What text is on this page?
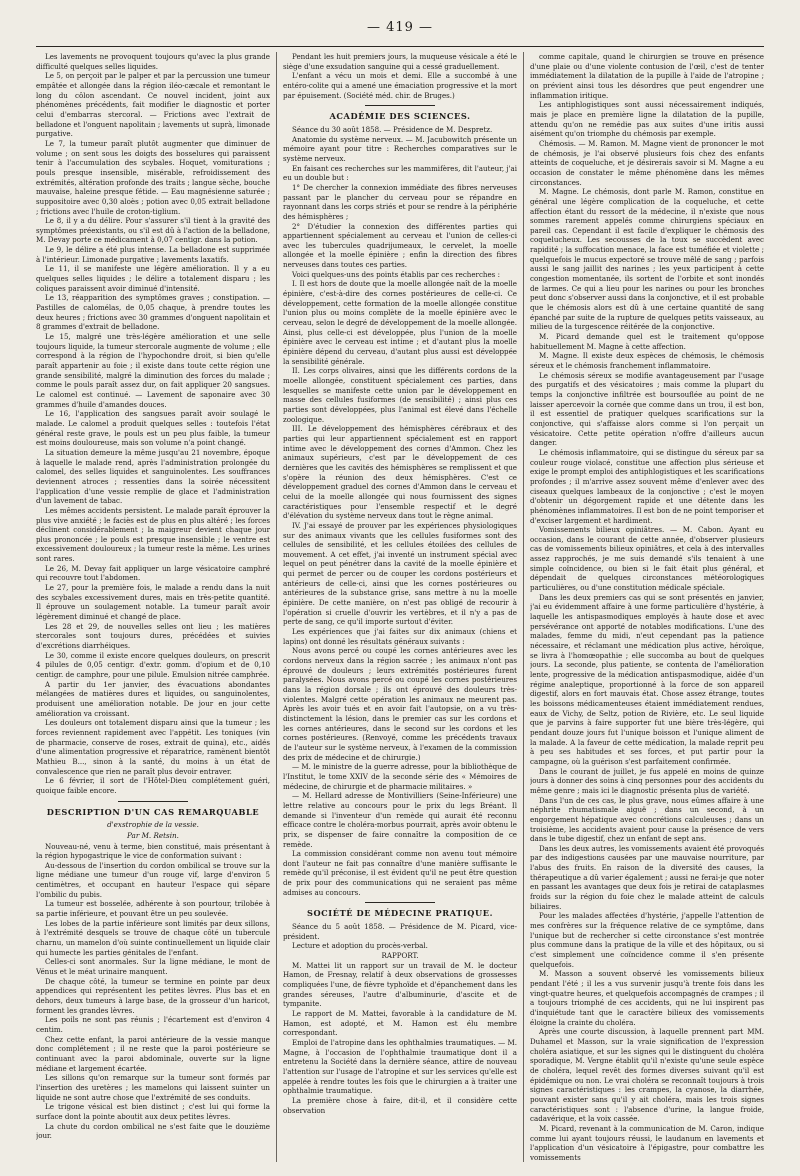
— 419 —

Les lavements ne provoquent toujours qu'avec la plus grande difficulté quelques selles liquides.

Le 5, on perçoit par le palper et par la percussion une tumeur empâtée et allongée dans la région iléo-cæcale et remontant le long du côlon ascendant. Ce nouvel incident, joint aux phénomènes précédents, fait modifier le diagnostic et porter celui d'embarras stercoral. — Frictions avec l'extrait de belladone et l'onguent napolitain ; lavements ut suprà, limonade purgative.

Le 7, la tumeur paraît plutôt augmenter que diminuer de volume ; on sent sous les doigts des bosselures qui paraissent tenir à l'accumulation des scybales. Hoquet, vomiturations ; pouls presque insensible, misérable, refroidissement des extrémités, altération profonde des traits ; langue sèche, bouche mauvaise, haleine presque fétide. — Eau magnésienne saturée ; suppositoire avec 0,30 aloès ; potion avec 0,05 extrait belladone ; frictions avec l'huile de croton-tiglium.

Le 8, il y a du délire. Pour s'assurer s'il tient à la gravité des symptômes préexistants, ou s'il est dû à l'action de la belladone, M. Devay porte ce médicament à 0,07 centigr. dans la potion.

Le 9, le délire a été plus intense. La belladone est supprimée à l'intérieur. Limonade purgative ; lavements laxatifs.

Le 11, il se manifeste une légère amélioration. Il y a eu quelques selles liquides ; le délire a totalement disparu ; les coliques paraissent avoir diminué d'intensité.

Le 13, réapparition des symptômes graves ; constipation. — Pastilles de calomélas, de 0,05 chaque, à prendre toutes les deux heures ; frictions avec 30 grammes d'onguent napolitain et 8 grammes d'extrait de belladone.

Le 15, malgré une très-légère amélioration et une selle toujours liquide, la tumeur stercorale augmente de volume ; elle correspond à la région de l'hypochondre droit, si bien qu'elle paraît appartenir au foie ; il existe dans toute cette région une grande sensibilité, malgré la diminution des forces du malade ; comme le pouls paraît assez dur, on fait appliquer 20 sangsues. Le calomel est continué. — Lavement de saponaire avec 30 grammes d'huile d'amandes douces.

Le 16, l'application des sangsues paraît avoir soulagé le malade. Le calomel a produit quelques selles : toutefois l'état général reste grave, le pouls est un peu plus faible, la tumeur est moins douloureuse, mais son volume n'a point changé.

La situation demeure la même jusqu'au 21 novembre, époque à laquelle le malade rend, après l'administration prolongée du calomel, des selles liquides et sanguinolentes. Les souffrances deviennent atroces ; ressenties dans la soirée nécessitent l'application d'une vessie remplie de glace et l'administration d'un lavement de tabac.

Les mêmes accidents persistent. Le malade paraît éprouver la plus vive anxiété ; le faciès est de plus en plus altéré ; les forces déclinent considérablement ; la maigreur devient chaque jour plus prononcée ; le pouls est presque insensible ; le ventre est excessivement douloureux ; la tumeur reste la même. Les urines sont rares.

Le 26, M. Devay fait appliquer un large vésicatoire camphré qui recouvre tout l'abdomen.

Le 27, pour la première fois, le malade a rendu dans la nuit des scybales excessivement dures, mais en très-petite quantité. Il éprouve un soulagement notable. La tumeur paraît avoir légèrement diminué et changé de place.

Les 28 et 29, de nouvelles selles ont lieu ; les matières stercorales sont toujours dures, précédées et suivies d'excrétions diarrhéiques.

Le 30, comme il existe encore quelques douleurs, on prescrit 4 pilules de 0,05 centigr. d'extr. gomm. d'opium et de 0,10 centigr. de camphre, pour une pilule. Emulsion nitrée camphrée.

A partir du 1er janvier, des évacuations abondantes mélangées de matières dures et liquides, ou sanguinolentes, produisent une amélioration notable. De jour en jour cette amélioration va croissant.

Les douleurs ont totalement disparu ainsi que la tumeur ; les forces reviennent rapidement avec l'appétit. Les toniques (vin de pharmacie, conserve de roses, extrait de quina), etc., aidés d'une alimentation progressive et réparatrice, ramènent bientôt Mathieu B..., sinon à la santé, du moins à un état de convalescence que rien ne paraît plus devoir entraver.

Le 6 février, il sort de l'Hôtel-Dieu complétement guéri, quoique faible encore.

DESCRIPTION D'UN CAS REMARQUABLE
d'exstrophie de la vessie.
Par M. Retsin.

Nouveau-né, venu à terme, bien constitué, mais présentant à la région hypogastrique le vice de conformation suivant :

Au-dessous de l'insertion du cordon ombilical se trouve sur la ligne médiane une tumeur d'un rouge vif, large d'environ 5 centimètres, et occupant en hauteur l'espace qui sépare l'ombilic du pubis.

La tumeur est bosselée, adhérente à son pourtour, trilobée à sa partie inférieure, et pouvant être un peu soulevée.

Les lobes de la partie inférieure sont limités par deux sillons, à l'extrémité desquels se trouve de chaque côté un tubercule charnu, un mamelon d'où suinte continuellement un liquide clair qui humecte les parties génitales de l'enfant.

Celles-ci sont anormales. Sur la ligne médiane, le mont de Vénus et le méat urinaire manquent.

De chaque côté, la tumeur se termine en pointe par deux appendices qui représentent les petites lèvres. Plus bas et en dehors, deux tumeurs à large base, de la grosseur d'un haricot, forment les grandes lèvres.

Les poils ne sont pas réunis ; l'écartement est d'environ 4 centim.

Chez cette enfant, la paroi antérieure de la vessie manque donc complétement ; il ne reste que la paroi postérieure se continuant avec la paroi abdominale, ouverte sur la ligne médiane et largement écartée.

Les sillons qu'on remarque sur la tumeur sont formés par l'insertion des uretères ; les mamelons qui laissent suinter un liquide ne sont autre chose que l'extrémité de ses conduits.

Le trigone vésical est bien distinct ; c'est lui qui forme la surface dont la pointe aboutit aux deux petites lèvres.

La chute du cordon ombilical ne s'est faite que le douzième jour.

Pendant les huit premiers jours, la muqueuse vésicale a été le siège d'une exsudation sanguine qui a cessé graduellement.

L'enfant a vécu un mois et demi. Elle a succombé à une entéro-colite qui a amené une émaciation progressive et la mort par épuisement. (Société méd. chir. de Bruges.)

ACADÉMIE DES SCIENCES.

Séance du 30 août 1858. — Présidence de M. Despretz.

Anatomie du système nerveux. — M. Jacubowitch présente un mémoire ayant pour titre : Recherches comparatives sur le système nerveux.

En faisant ces recherches sur les mammifères, dit l'auteur, j'ai eu un double but :

1° De chercher la connexion immédiate des fibres nerveuses passant par le plancher du cerveau pour se répandre en rayonnant dans les corps striés et pour se rendre à la périphérie des hémisphères ;

2° D'étudier la connexion des différentes parties qui appartiennent spécialement au cerveau et l'union de celles-ci avec les tubercules quadrijumeaux, le cervelet, la moelle allongée et la moelle épinière ; enfin la direction des fibres nerveuses dans toutes ces parties.

Voici quelques-uns des points établis par ces recherches :

I. Il est hors de doute que la moelle allongée naît de la moelle épinière, c'est-à-dire des cornes postérieures de celle-ci. Ce développement, cette formation de la moelle allongée constitue l'union plus ou moins complète de la moelle épinière avec le cerveau, selon le degré de développement de la moelle allongée. Ainsi, plus celle-ci est développée, plus l'union de la moelle épinière avec le cerveau est intime ; et d'autant plus la moelle épinière dépend du cerveau, d'autant plus aussi est développée la sensibilité générale.

II. Les corps olivaires, ainsi que les différents cordons de la moelle allongée, constituent spécialement ces parties, dans lesquelles se manifeste cette union par le développement en masse des cellules fusiformes (de sensibilité) ; ainsi plus ces parties sont développées, plus l'animal est élevé dans l'échelle zoologique.

III. Le développement des hémisphères cérébraux et des parties qui leur appartiennent spécialement est en rapport intime avec le développement des cornes d'Ammon. Chez les animaux supérieurs, c'est par le développement de ces dernières que les cavités des hémisphères se remplissent et que s'opère la réunion des deux hémisphères. C'est ce développement graduel des cornes d'Ammon dans le cerveau et celui de la moelle allongée qui nous fournissent des signes caractéristiques pour l'ensemble respectif et le degré d'élévation du système nerveux dans tout le règne animal.

IV. J'ai essayé de prouver par les expériences physiologiques sur des animaux vivants que les cellules fusiformes sont des cellules de sensibilité, et les cellules étoilées des cellules de mouvement. A cet effet, j'ai inventé un instrument spécial avec lequel on peut pénétrer dans la cavité de la moelle épinière et qui permet de percer ou de couper les cordons postérieurs et antérieurs de celle-ci, ainsi que les cornes postérieures ou antérieures de la substance grise, sans mettre à nu la moelle épinière. De cette manière, on n'est pas obligé de recourir à l'opération si cruelle d'ouvrir les vertèbres, et il n'y a pas de perte de sang, ce qu'il importe surtout d'éviter.

Les expériences que j'ai faites sur dix animaux (chiens et lapins) ont donné les résultats généraux suivants :

Nous avons percé ou coupé les cornes antérieures avec les cordons nerveux dans la région sacrée ; les animaux n'ont pas éprouvé de douleurs ; leurs extrémités postérieures furent paralysées. Nous avons percé ou coupé les cornes postérieures dans la région dorsale ; ils ont éprouvé des douleurs très-violentes. Malgré cette opération les animaux ne meurent pas. Après les avoir tués et en avoir fait l'autopsie, on a vu très-distinctement la lésion, dans le premier cas sur les cordons et les cornes antérieures, dans le second sur les cordons et les cornes postérieures. (Renvoyé, comme les précédents travaux de l'auteur sur le système nerveux, à l'examen de la commission des prix de médecine et de chirurgie.)

— M. le ministre de la guerre adresse, pour la bibliothèque de l'Institut, le tome XXIV de la seconde série des « Mémoires de médecine, de chirurgie et de pharmacie militaires. »

— M. Hellard adresse de Montivilliers (Seine-Inférieure) une lettre relative au concours pour le prix du legs Bréant. Il demande si l'inventeur d'un remède qui aurait été reconnu efficace contre le choléra-morbus pourrait, après avoir obtenu le prix, se dispenser de faire connaître la composition de ce remède.

La commission considérant comme non avenu tout mémoire dont l'auteur ne fait pas connaître d'une manière suffisante le remède qu'il préconise, il est évident qu'il ne peut être question de prix pour des communications qui ne seraient pas même admises au concours.

SOCIÉTÉ DE MÉDECINE PRATIQUE.

Séance du 5 août 1858. — Présidence de M. Picard, vice-président.

Lecture et adoption du procès-verbal.

RAPPORT.

M. Mattei lit un rapport sur un travail de M. le docteur Hamon, de Fresnay, relatif à deux observations de grossesses compliquées l'une, de fièvre typhoïde et d'épanchement dans les grandes séreuses, l'autre d'albuminurie, d'ascite et de tympanite.

Le rapport de M. Mattei, favorable à la candidature de M. Hamon, est adopté, et M. Hamon est élu membre correspondant.

Emploi de l'atropine dans les ophthalmies traumatiques. — M. Magne, à l'occasion de l'ophthalmie traumatique dont il a entretenu la Société dans la dernière séance, attire de nouveau l'attention sur l'usage de l'atropine et sur les services qu'elle est appelée à rendre toutes les fois que le chirurgien a à traiter une ophthalmie traumatique.

La première chose à faire, dit-il, et il considère cette observation

comme capitale, quand le chirurgien se trouve en présence d'une plaie ou d'une violente contusion de l'œil, c'est de tenter immédiatement la dilatation de la pupille à l'aide de l'atropine ; on prévient ainsi tous les désordres que peut engendrer une inflammation iritique.

Les antiphlogistiques sont aussi nécessairement indiqués, mais je place en première ligne la dilatation de la pupille, attendu qu'on ne remédie pas aux suites d'une iritis aussi aisément qu'on triomphe du chémosis par exemple.

Chémosis. — M. Ramon. M. Magne vient de prononcer le mot de chémosis, je l'ai observé plusieurs fois chez des enfants atteints de coqueluche, et je désirerais savoir si M. Magne a eu occasion de constater le même phénomène dans les mêmes circonstances.

M. Magne. Le chémosis, dont parle M. Ramon, constitue en général une légère complication de la coqueluche, et cette affection étant du ressort de la médecine, il n'existe que nous sommes rarement appelés comme chirurgiens spéciaux en pareil cas. Cependant il est facile d'expliquer le chémosis des coquelucheux. Les secousses de la toux se succèdent avec rapidité ; la suffocation menace, la face est tuméfiée et violette ; quelquefois le mucus expectoré se trouve mêlé de sang ; parfois aussi le sang jaillit des narines ; les yeux participent à cette congestion momentanée, ils sortent de l'orbite et sont inondés de larmes. Ce qui a lieu pour les narines ou pour les bronches peut donc s'observer aussi dans la conjonctive, et il est probable que le chémosis alors est dû à une certaine quantité de sang épanché par suite de la rupture de quelques petits vaisseaux, au milieu de la turgescence réitérée de la conjonctive.

M. Picard demande quel est le traitement qu'oppose habituellement M. Magne à cette affection.

M. Magne. Il existe deux espèces de chémosis, le chémosis séreux et le chémosis franchement inflammatoire.

Le chémosis séreux se modifie avantageusement par l'usage des purgatifs et des vésicatoires ; mais comme la plupart du temps la conjonctive infiltrée est boursouflée au point de ne laisser apercevoir la cornée que comme dans un trou, il est bon, il est essentiel de pratiquer quelques scarifications sur la conjonctive, qui s'affaisse alors comme si l'on perçait un vésicatoire. Cette petite opération n'offre d'ailleurs aucun danger.

Le chémosis inflammatoire, qui se distingue du séreux par sa couleur rouge violacé, constitue une affection plus sérieuse et exige le prompt emploi des antiphlogistiques et les scarifications profondes ; il m'arrive assez souvent même d'enlever avec des ciseaux quelques lambeaux de la conjonctive ; c'est le moyen d'obtenir un dégorgement rapide et une détente dans les phénomènes inflammatoires. Il est bon de ne point temporiser et d'exciser largement et hardiment.

Vomissements bilieux opiniâtres. — M. Cabon. Ayant eu occasion, dans le courant de cette année, d'observer plusieurs cas de vomissements bilieux opiniâtres, et cela à des intervalles assez rapprochés, je me suis demandé s'ils tenaient à une simple coïncidence, ou bien si le fait était plus général, et dépendait de quelques circonstances météorologiques particulières, ou d'une constitution médicale spéciale.

Dans les deux premiers cas qui se sont présentés en janvier, j'ai eu évidemment affaire à une forme particulière d'hystérie, à laquelle les antispasmodiques employés à haute dose et avec persévérance ont apporté de notables modifications. L'une des malades, femme du midi, n'eut cependant pas la patience nécessaire, et réclamant une médication plus active, héroïque, se livra à l'homœopathie ; elle succomba au bout de quelques jours. La seconde, plus patiente, se contenta de l'amélioration lente, progressive de la médication antispasmodique, aidée d'un régime analeptique, proportionné à la force de son appareil digestif, alors en fort mauvais état. Chose assez étrange, toutes les boissons médicamenteuses étaient immédiatement rendues, eaux de Vichy, de Seltz, potion de Rivière, etc. Le seul liquide que je parvins à faire supporter fut une bière très-légère, qui pendant douze jours fut l'unique boisson et l'unique aliment de la malade. A la faveur de cette médication, la malade reprit peu à peu ses habitudes et ses forces, et put partir pour la campagne, où la guérison s'est parfaitement confirmée.

Dans le courant de juillet, je fus appelé en moins de quinze jours à donner des soins à cinq personnes pour des accidents du même genre ; mais ici le diagnostic présenta plus de variété.

Dans l'un de ces cas, le plus grave, nous eûmes affaire à une néphrite rhumatismale aiguë ; dans un second, à un engorgement hépatique avec concrétions calculeuses ; dans un troisième, les accidents avaient pour cause la présence de vers dans le tube digestif, chez un enfant de sept ans.

Dans les deux autres, les vomissements avaient été provoqués par des indigestions causées par une mauvaise nourriture, par l'abus des fruits. En raison de la diversité des causes, la thérapeutique a dû varier également ; aussi ne ferai-je que noter en passant les avantages que deux fois je retirai de cataplasmes froids sur la région du foie chez le malade atteint de calculs biliaires.

Pour les malades affectées d'hystérie, j'appelle l'attention de mes confrères sur la fréquence relative de ce symptôme, dans l'unique but de rechercher si cette circonstance s'est montrée plus commune dans la pratique de la ville et des hôpitaux, ou si c'est simplement une coïncidence comme il s'en présente quelquefois.

M. Masson a souvent observé les vomissements bilieux pendant l'été ; il les a vus survenir jusqu'à trente fois dans les vingt-quatre heures, et quelquefois accompagnés de crampes ; il a toujours triomphé de ces accidents, qui ne lui inspirent pas d'inquiétude tant que le caractère bilieux des vomissements éloigne la crainte du choléra.

Après une courte discussion, à laquelle prennent part MM. Duhamel et Masson, sur la vraie signification de l'expression choléra asiatique, et sur les signes qui le distinguent du choléra sporadique, M. Vergne établit qu'il n'existe qu'une seule espèce de choléra, lequel revêt des formes diverses suivant qu'il est épidémique ou non. Le vrai choléra se reconnaît toujours à trois signes caractéristiques : les crampes, la cyanose, la diarrhée, pouvant exister sans qu'il y ait choléra, mais les trois signes caractéristiques sont : l'absence d'urine, la langue froide, cadavérique, et la voix cassée.

M. Picard, revenant à la communication de M. Caron, indique comme lui ayant toujours réussi, le laudanum en lavements et l'application d'un vésicatoire à l'épigastre, pour combattre les vomissements
